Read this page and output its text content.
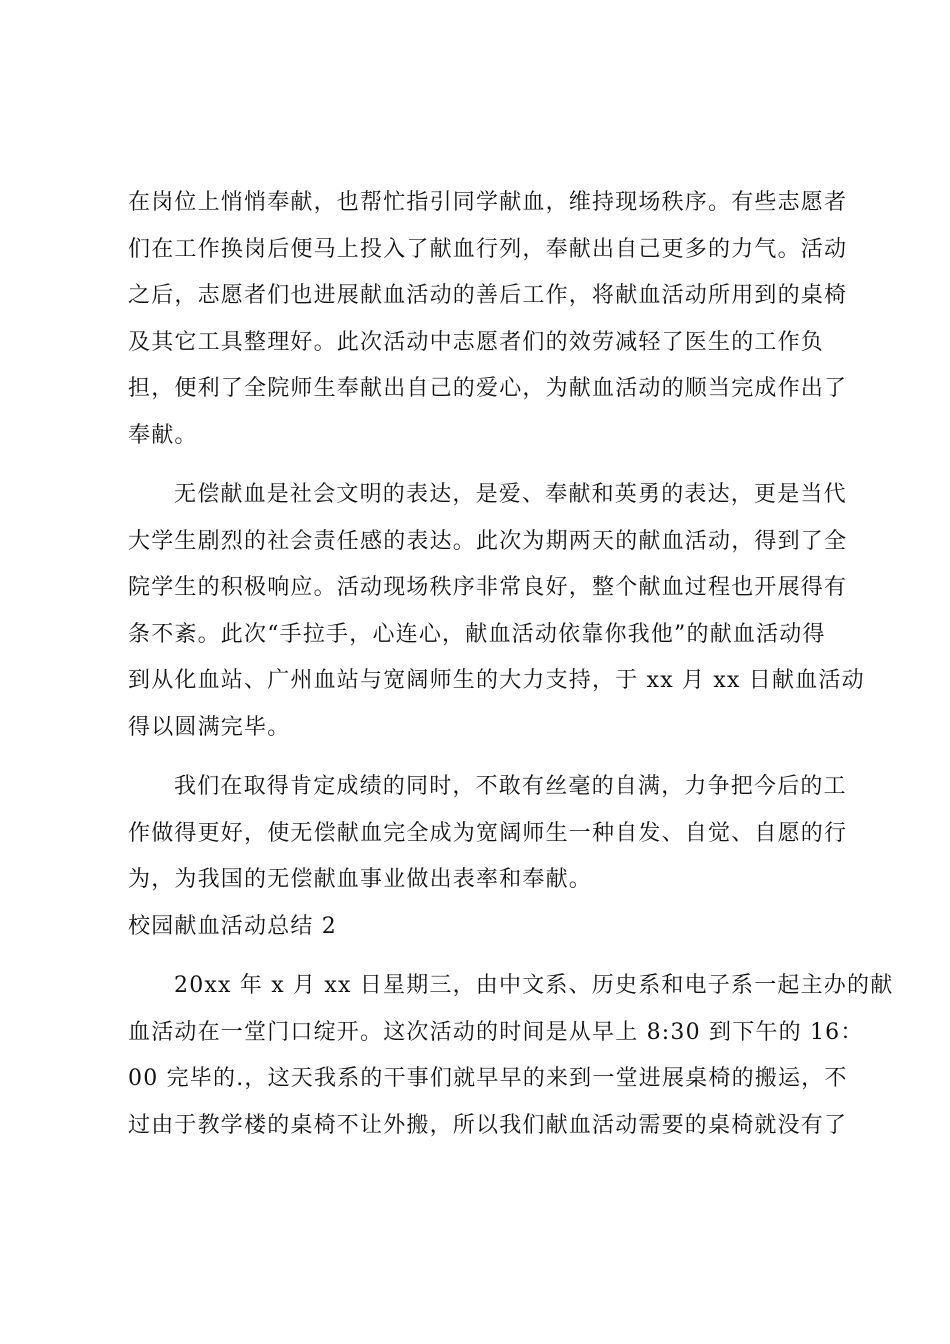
在岗位上悄悄奉献，也帮忙指引同学献血，维持现场秩序。有些志愿者
们在工作换岗后便马上投入了献血行列，奉献出自己更多的力气。活动
之后，志愿者们也进展献血活动的善后工作，将献血活动所用到的桌椅
及其它工具整理好。此次活动中志愿者们的效劳减轻了医生的工作负
担，便利了全院师生奉献出自己的爱心，为献血活动的顺当完成作出了
奉献。
无偿献血是社会文明的表达，是爱、奉献和英勇的表达，更是当代
大学生剧烈的社会责任感的表达。此次为期两天的献血活动，得到了全
院学生的积极响应。活动现场秩序非常良好，整个献血过程也开展得有
条不紊。此次“手拉手，心连心，献血活动依靠你我他”的献血活动得
到从化血站、广州血站与宽阔师生的大力支持，于 xx 月 xx 日献血活动
得以圆满完毕。
我们在取得肯定成绩的同时，不敢有丝毫的自满，力争把今后的工
作做得更好，使无偿献血完全成为宽阔师生一种自发、自觉、自愿的行
为，为我国的无偿献血事业做出表率和奉献。
校园献血活动总结 2
20xx 年 x 月 xx 日星期三，由中文系、历史系和电子系一起主办的献
血活动在一堂门口绽开。这次活动的时间是从早上 8:30 到下午的 16：
00 完毕的.，这天我系的干事们就早早的来到一堂进展桌椅的搬运，不
过由于教学楼的桌椅不让外搬，所以我们献血活动需要的桌椅就没有了
